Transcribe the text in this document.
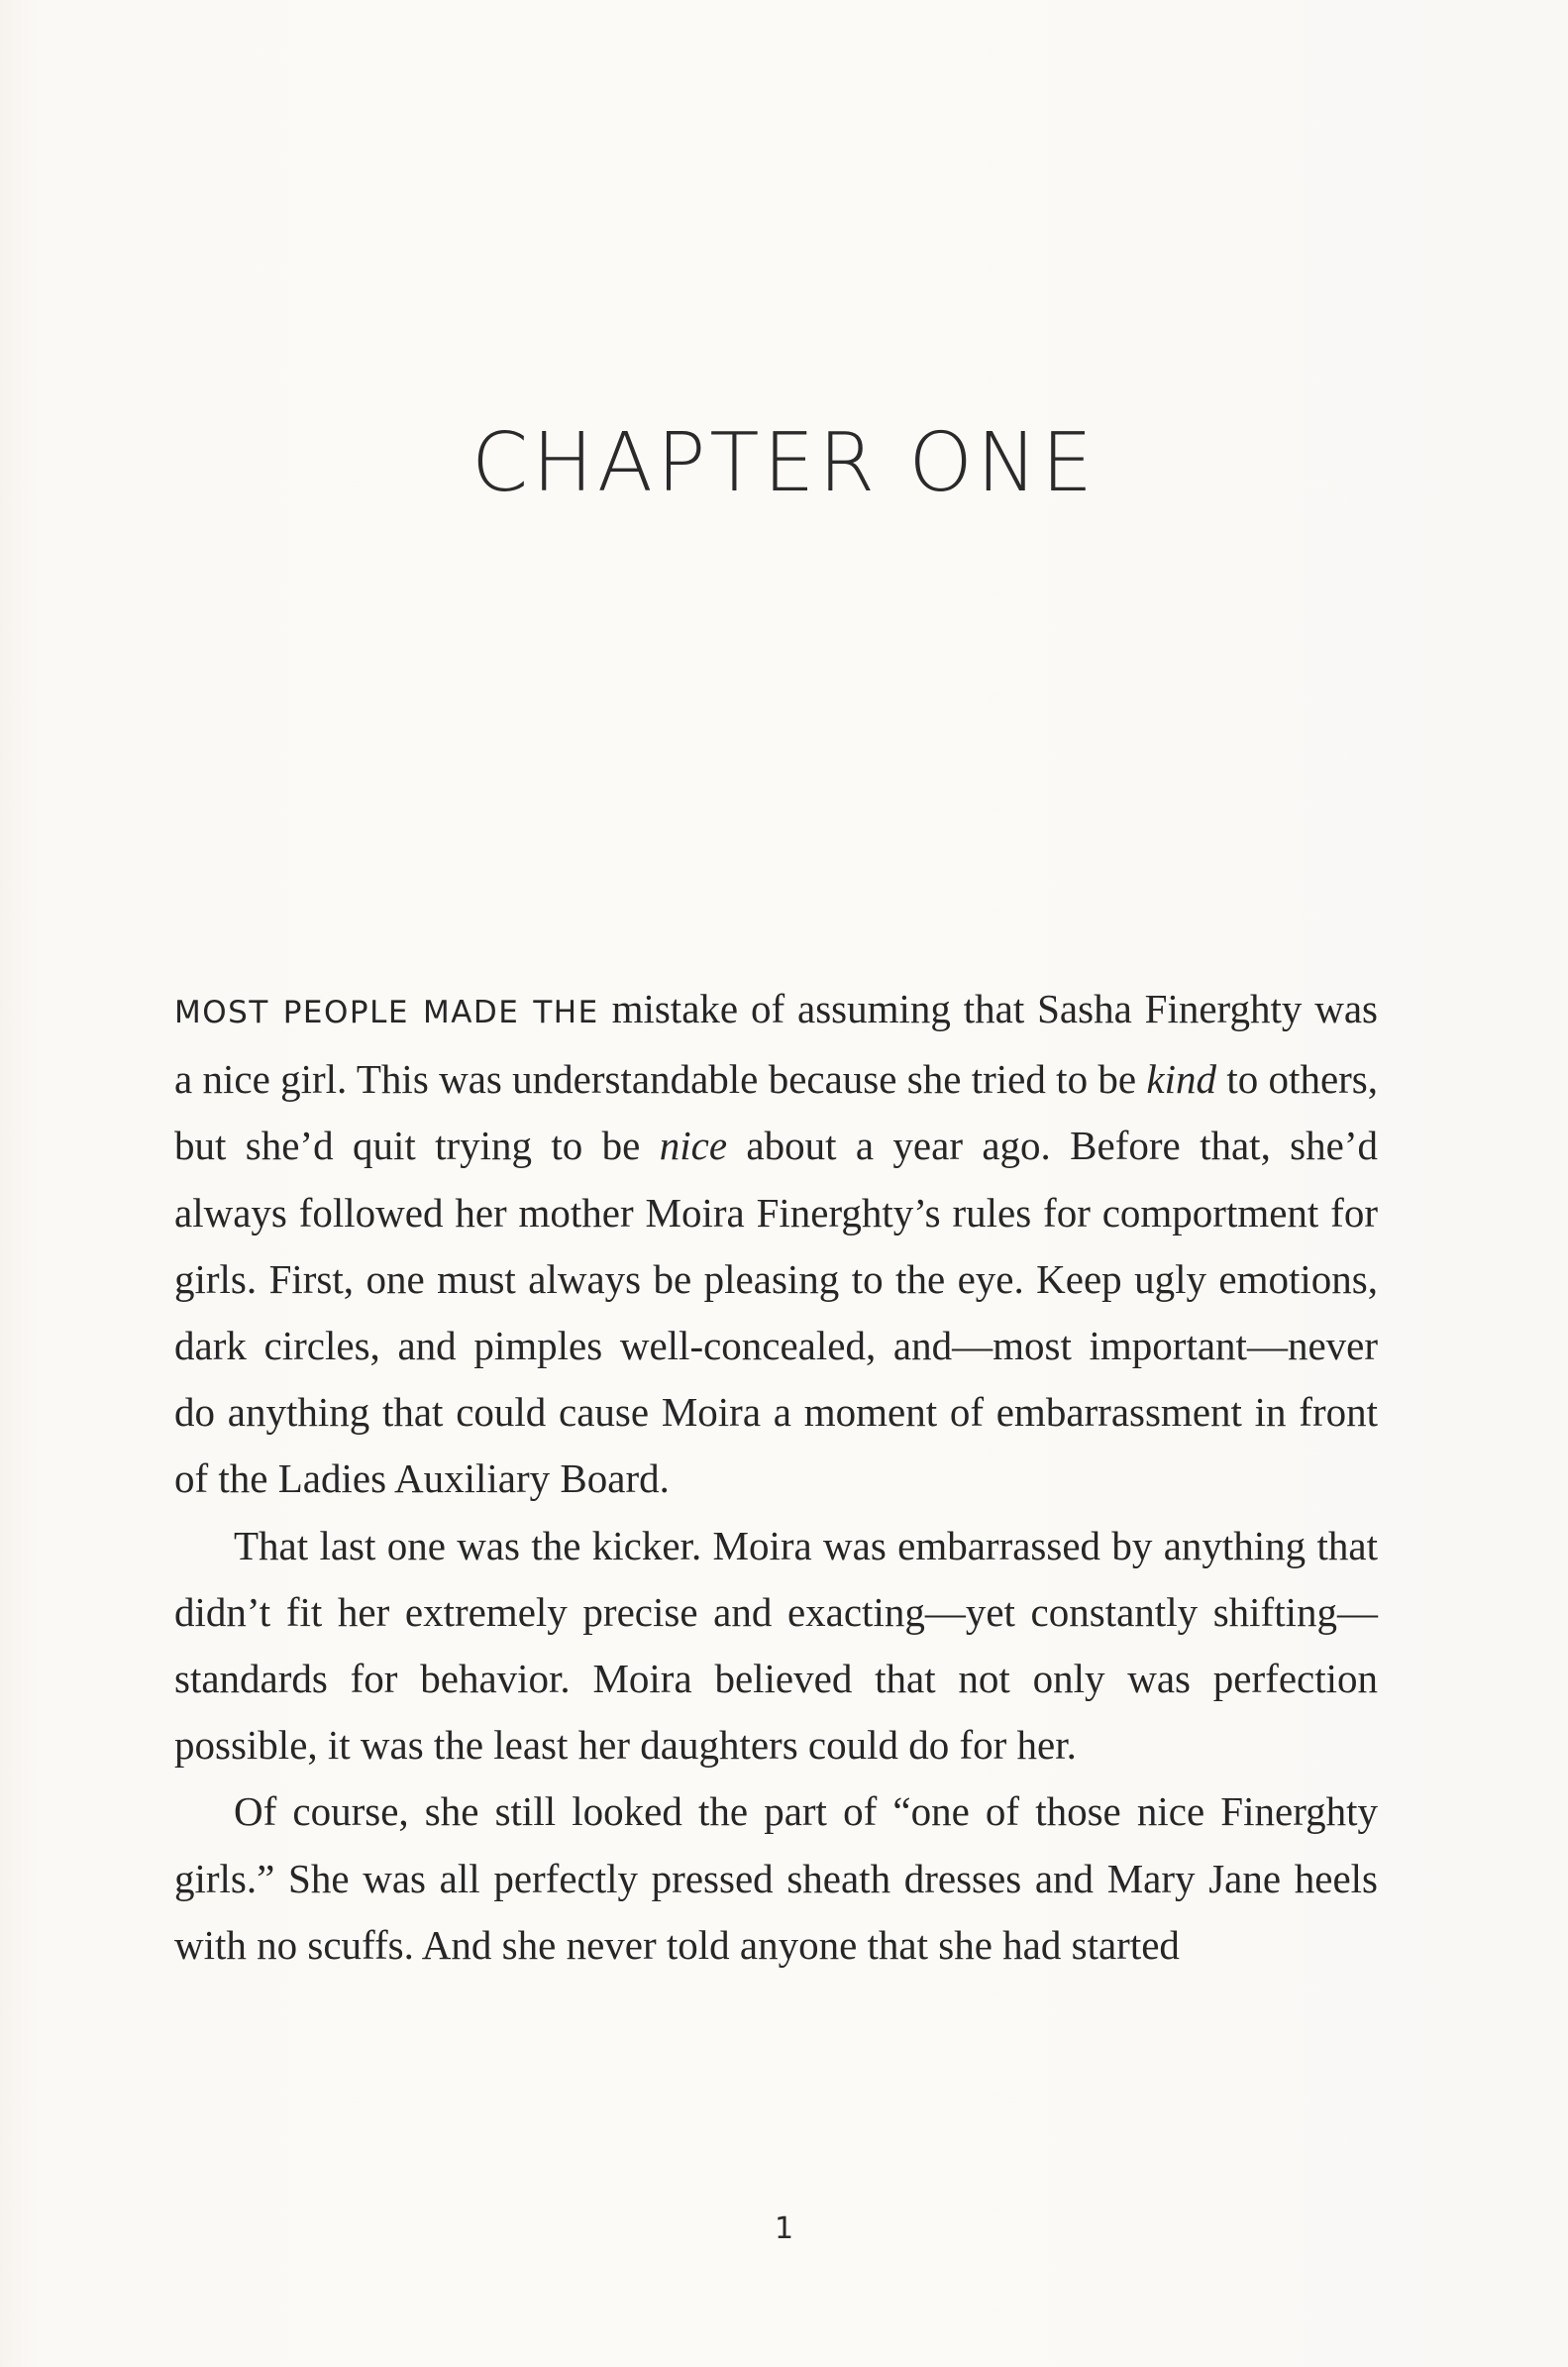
CHAPTER ONE

MOST PEOPLE MADE THE mistake of assuming that Sasha Finerghty was a nice girl. This was understandable because she tried to be kind to others, but she’d quit trying to be nice about a year ago. Before that, she’d always followed her mother Moira Finerghty’s rules for comportment for girls. First, one must always be pleasing to the eye. Keep ugly emotions, dark circles, and pimples well-concealed, and—most important—never do anything that could cause Moira a moment of embarrassment in front of the Ladies Auxiliary Board.

That last one was the kicker. Moira was embarrassed by anything that didn’t fit her extremely precise and exacting—yet constantly shifting—standards for behavior. Moira believed that not only was perfection possible, it was the least her daughters could do for her.

Of course, she still looked the part of “one of those nice Finerghty girls.” She was all perfectly pressed sheath dresses and Mary Jane heels with no scuffs. And she never told anyone that she had started

1
